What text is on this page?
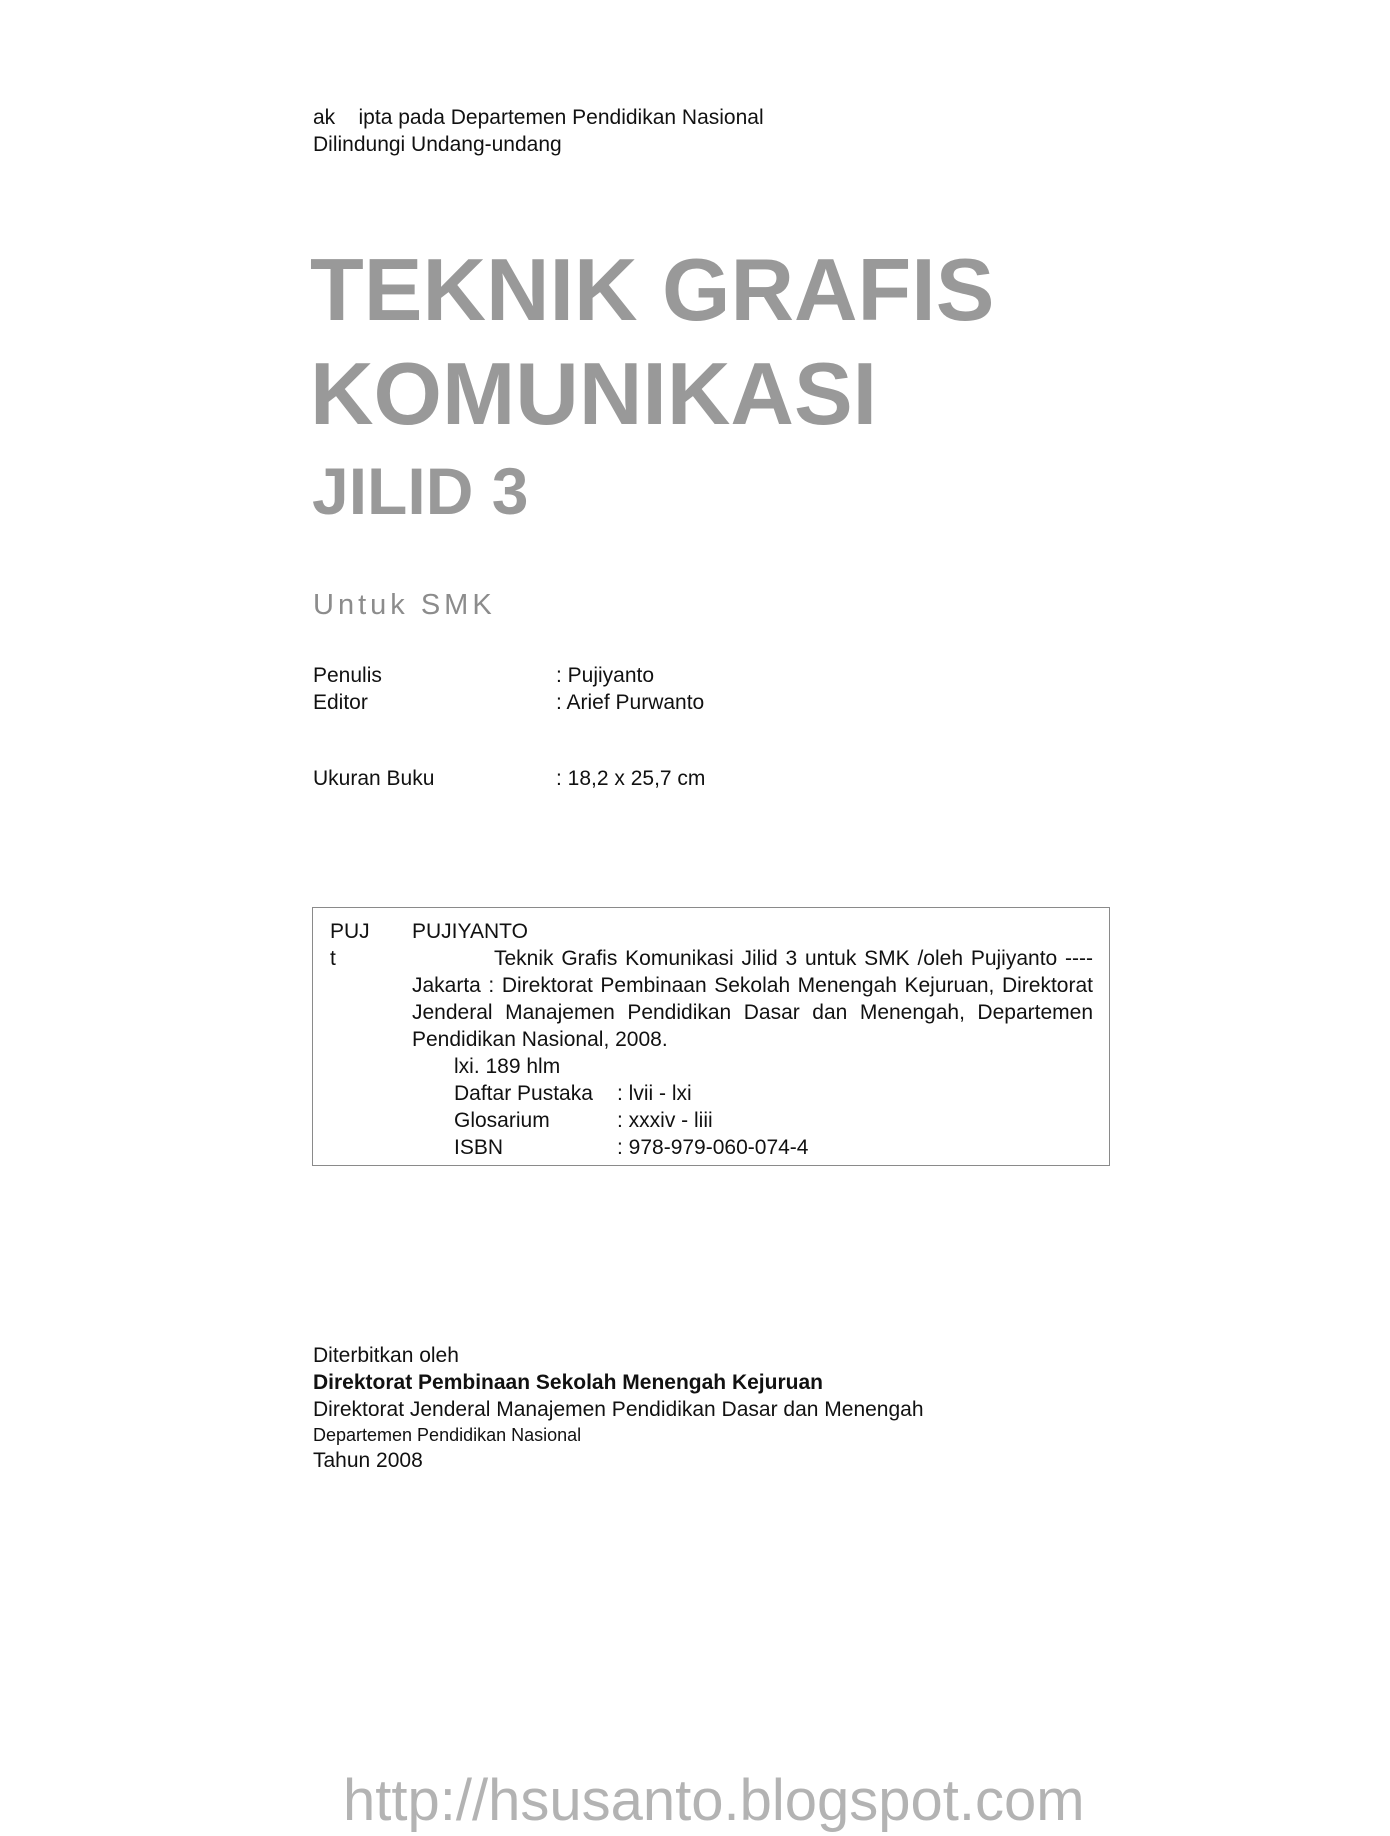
ak    ipta pada Departemen Pendidikan Nasional
Dilindungi Undang-undang
TEKNIK GRAFIS
KOMUNIKASI
JILID 3
Untuk SMK
Penulis	: Pujiyanto
Editor	: Arief Purwanto
Ukuran Buku	: 18,2 x 25,7 cm
PUJ
t
PUJIYANTO
Teknik Grafis Komunikasi Jilid 3 untuk SMK /oleh Pujiyanto ---- Jakarta : Direktorat Pembinaan Sekolah Menengah Kejuruan, Direktorat Jenderal Manajemen Pendidikan Dasar dan Menengah, Departemen Pendidikan Nasional, 2008.
lxi. 189 hlm
Daftar Pustaka : lvii - lxi
Glosarium	: xxxiv - liii
ISBN	: 978-979-060-074-4
Diterbitkan oleh
Direktorat Pembinaan Sekolah Menengah Kejuruan
Direktorat Jenderal Manajemen Pendidikan Dasar dan Menengah
Departemen Pendidikan Nasional
Tahun 2008
http://hsusanto.blogspot.com
